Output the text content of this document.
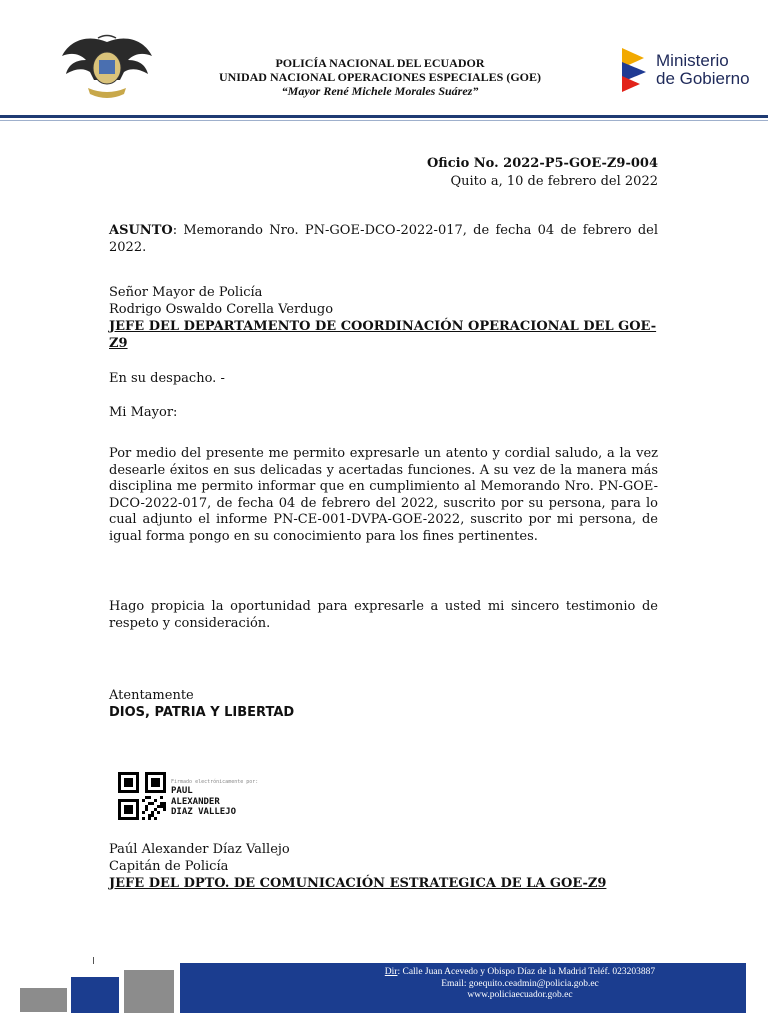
POLICÍA NACIONAL DEL ECUADOR
UNIDAD NACIONAL OPERACIONES ESPECIALES (GOE)
“Mayor René Michele Morales Suárez”
Ministerio
de Gobierno
Oficio No. 2022-P5-GOE-Z9-004
Quito a, 10 de febrero del 2022
ASUNTO: Memorando Nro. PN-GOE-DCO-2022-017, de fecha 04 de febrero del 2022.
Señor Mayor de Policía
Rodrigo Oswaldo Corella Verdugo
JEFE DEL DEPARTAMENTO DE COORDINACIÓN OPERACIONAL DEL GOE-Z9
En su despacho. -
Mi Mayor:
Por medio del presente me permito expresarle un atento y cordial saludo, a la vez desearle éxitos en sus delicadas y acertadas funciones. A su vez de la manera más disciplina me permito informar que en cumplimiento al Memorando Nro. PN-GOE-DCO-2022-017, de fecha 04 de febrero del 2022, suscrito por su persona, para lo cual adjunto el informe PN-CE-001-DVPA-GOE-2022, suscrito por mi persona, de igual forma pongo en su conocimiento para los fines pertinentes.
Hago propicia la oportunidad para expresarle a usted mi sincero testimonio de respeto y consideración.
Atentamente
DIOS, PATRIA Y LIBERTAD
Firmado electrónicamente por:
PAUL
ALEXANDER
DIAZ VALLEJO
Paúl Alexander Díaz Vallejo
Capitán de Policía
JEFE DEL DPTO. DE COMUNICACIÓN ESTRATEGICA DE LA GOE-Z9
Dir: Calle Juan Acevedo y Obispo Díaz de la Madrid Teléf. 023203887
Email: goequito.ceadmin@policia.gob.ec
www.policiaecuador.gob.ec
